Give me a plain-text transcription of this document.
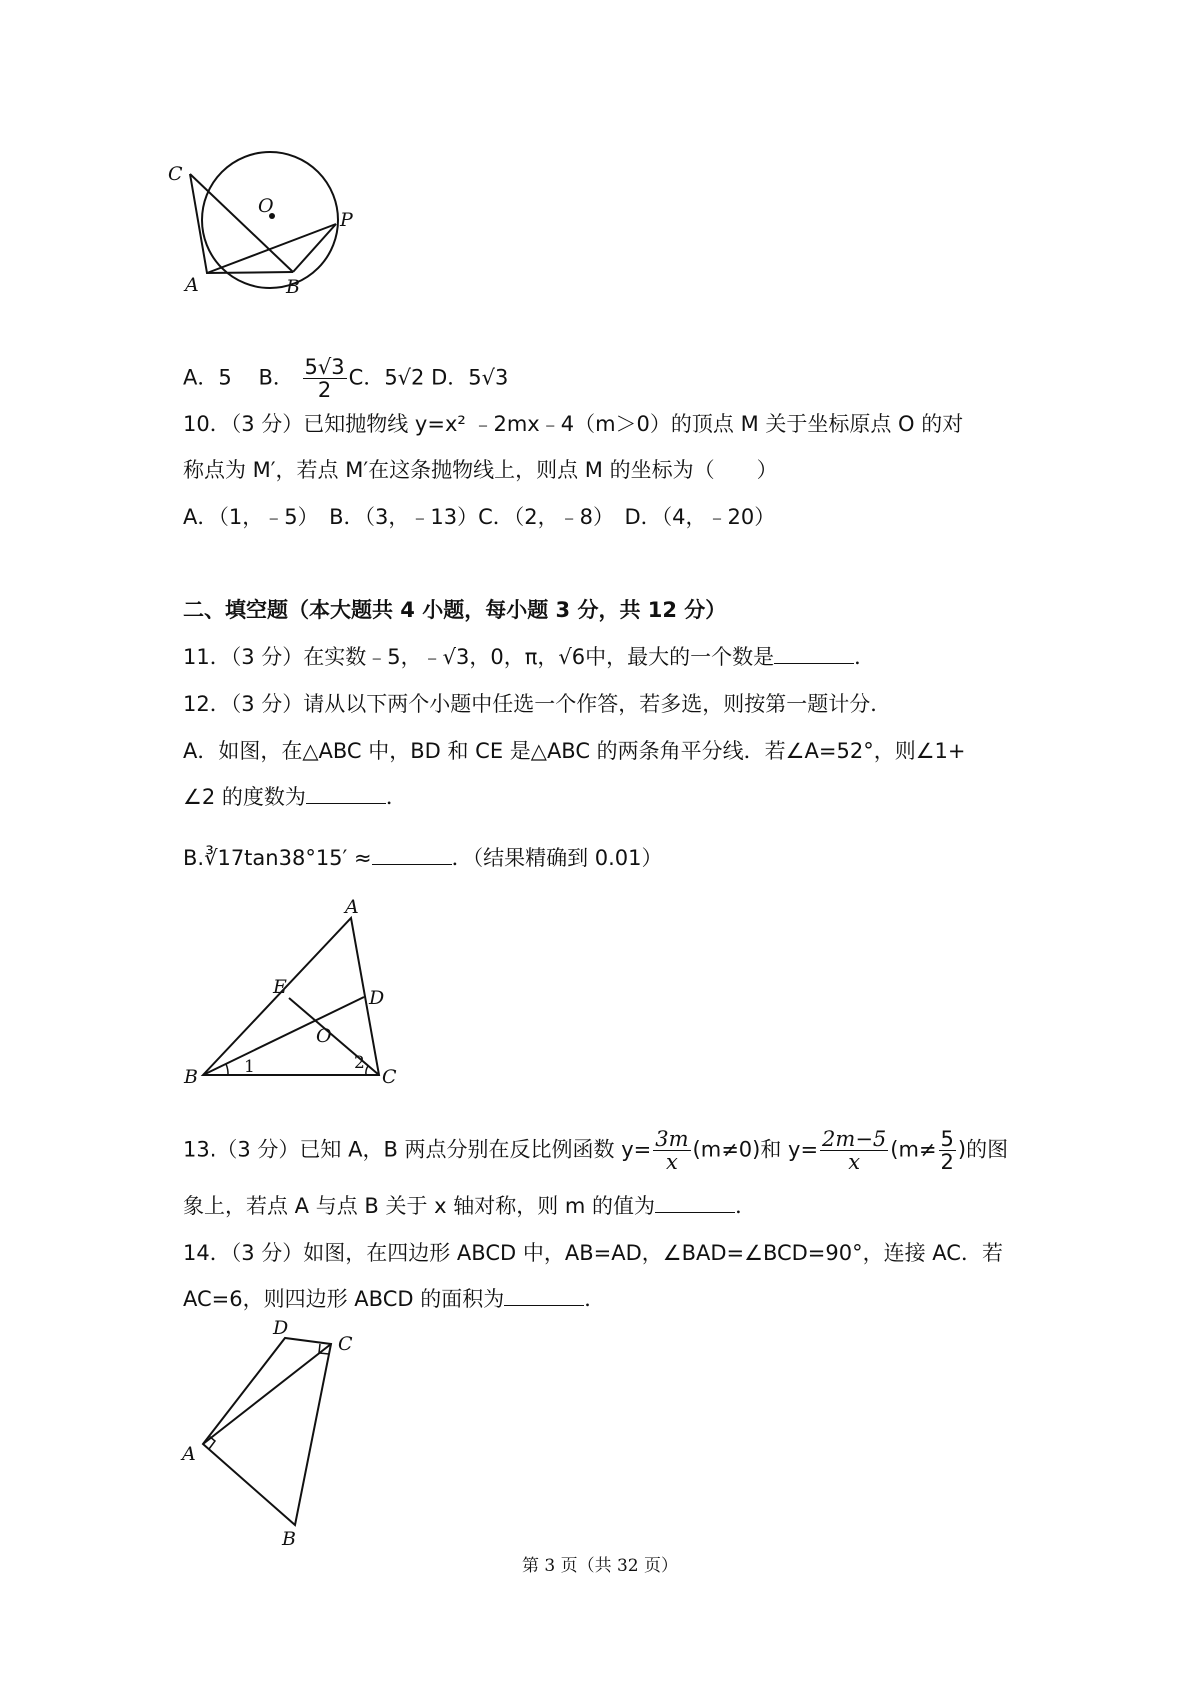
C
O
P
A	B
A．5 B． $\frac{5√3}{2}$ C．5√2 D．5√3
10．（3 分）已知抛物线 y=x² ﹣2mx﹣4（m＞0）的顶点 M 关于坐标原点 O 的对
称点为 M′，若点 M′在这条抛物线上，则点 M 的坐标为（　　）
A．（1，﹣5）　B．（3，﹣13）C．（2，﹣8）　D．（4，﹣20）
二、填空题（本大题共 4 小题，每小题 3 分，共 12 分）
11．（3 分）在实数﹣5，﹣√3，0，π，√6中，最大的一个数是	．
12．（3 分）请从以下两个小题中任选一个作答，若多选，则按第一题计分．
A．如图，在△ABC 中，BD 和 CE 是△ABC 的两条角平分线．若∠A=52°，则∠1+
∠2 的度数为	．
B.∛17tan38°15′ ≈	．（结果精确到 0.01）
A
E	D
O
B	C
1	2
13.（3 分）已知 A，B 两点分别在反比例函数 $y= \frac{3m}{x} (m\ne 0)$和 $y= \frac{2m-5}{x} (m\ne \frac{5}{2}$ )的图
象上，若点 A 与点 B 关于 x 轴对称，则 m 的值为	．
14．（3 分）如图，在四边形 ABCD 中，AB=AD，∠BAD=∠BCD=90°，连接 AC．若
AC=6，则四边形 ABCD 的面积为	．
D
C
A
B
第 3 页（共 32 页）
